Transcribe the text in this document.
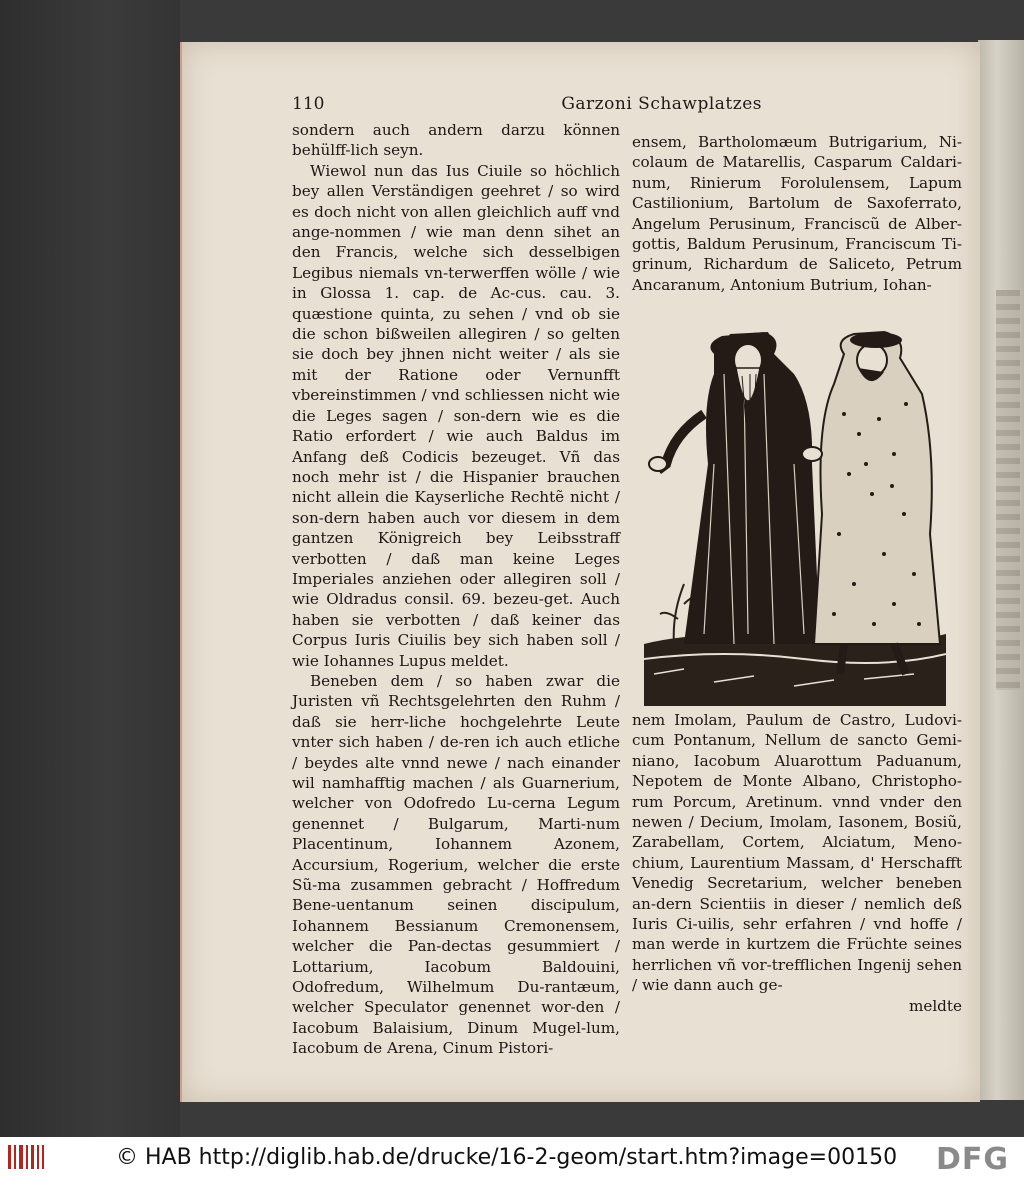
110	Garzoni Schawplatzes

sondern auch andern darzu können behülff-lich seyn.

Wiewol nun das Ius Ciuile so höchlich bey allen Verständigen geehret / so wird es doch nicht von allen gleichlich auff vnd ange-nommen / wie man denn sihet an den Francis, welche sich desselbigen Legibus niemals vn-terwerffen wölle / wie in Glossa 1. cap. de Ac-cus. cau. 3. quæstione quinta, zu sehen / vnd ob sie die schon bißweilen allegiren / so gelten sie doch bey jhnen nicht weiter / als sie mit der Ratione oder Vernunfft vbereinstimmen / vnd schliessen nicht wie die Leges sagen / son-dern wie es die Ratio erfordert / wie auch Baldus im Anfang deß Codicis bezeuget. Vñ das noch mehr ist / die Hispanier brauchen nicht allein die Kayserliche Rechtẽ nicht / son-dern haben auch vor diesem in dem gantzen Königreich bey Leibsstraff verbotten / daß man keine Leges Imperiales anziehen oder allegiren soll / wie Oldradus consil. 69. bezeu-get. Auch haben sie verbotten / daß keiner das Corpus Iuris Ciuilis bey sich haben soll / wie Iohannes Lupus meldet.

Beneben dem / so haben zwar die Juristen vñ Rechtsgelehrten den Ruhm / daß sie herr-liche hochgelehrte Leute vnter sich haben / de-ren ich auch etliche / beydes alte vnnd newe / nach einander wil namhafftig machen / als Guarnerium, welcher von Odofredo Lu-cerna Legum genennet / Bulgarum, Marti-num Placentinum, Iohannem Azonem, Accursium, Rogerium, welcher die erste Sũ-ma zusammen gebracht / Hoffredum Bene-uentanum seinen discipulum, Iohannem Bessianum Cremonensem, welcher die Pan-dectas gesummiert / Lottarium, Iacobum Baldouini, Odofredum, Wilhelmum Du-rantæum, welcher Speculator genennet wor-den / Iacobum Balaisium, Dinum Mugel-lum, Iacobum de Arena, Cinum Pistori-

ensem, Bartholomæum Butrigarium, Ni-colaum de Matarellis, Casparum Caldari-num, Rinierum Forolulensem, Lapum Castilionium, Bartolum de Saxoferrato, Angelum Perusinum, Franciscũ de Alber-gottis, Baldum Perusinum, Franciscum Ti-grinum, Richardum de Saliceto, Petrum Ancaranum, Antonium Butrium, Iohan-

nem Imolam, Paulum de Castro, Ludovi-cum Pontanum, Nellum de sancto Gemi-niano, Iacobum Aluarottum Paduanum, Nepotem de Monte Albano, Christopho-rum Porcum, Aretinum. vnnd vnder den newen / Decium, Imolam, Iasonem, Bosiũ, Zarabellam, Cortem, Alciatum, Meno-chium, Laurentium Massam, d' Herschafft Venedig Secretarium, welcher beneben an-dern Scientiis in dieser / nemlich deß Iuris Ci-uilis, sehr erfahren / vnd hoffe / man werde in kurtzem die Früchte seines herrlichen vñ vor-trefflichen Ingenij sehen / wie dann auch ge-

meldte

© HAB http://diglib.hab.de/drucke/16-2-geom/start.htm?image=00150 DFG
